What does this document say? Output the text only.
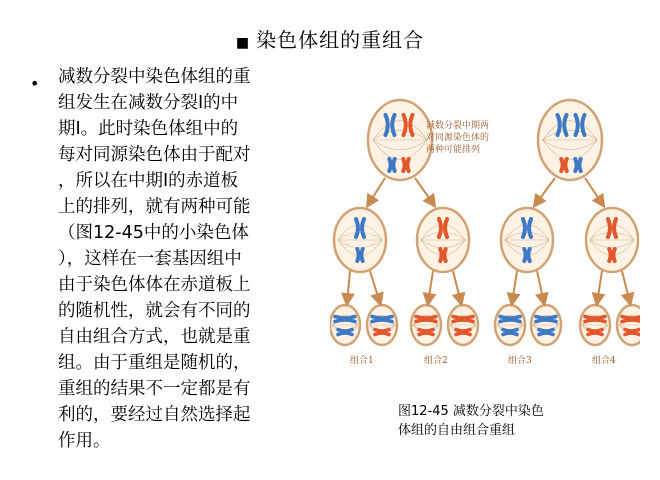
■ 染色体组的重组合
• 减数分裂中染色体组的重
组发生在减数分裂Ⅰ的中
期Ⅰ。此时染色体组中的
每对同源染色体由于配对
，所以在中期Ⅰ的赤道板
上的排列，就有两种可能
（图12-45中的小染色体
），这样在一套基因组中
由于染色体体在赤道板上
的随机性，就会有不同的
自由组合方式，也就是重
组。由于重组是随机的，
重组的结果不一定都是有
利的，要经过自然选择起
作用。

减数分裂中期两
对同源染色体的
两种可能排列
组合1	组合2	组合3	组合4
图12-45 减数分裂中染色
体组的自由组合重组
